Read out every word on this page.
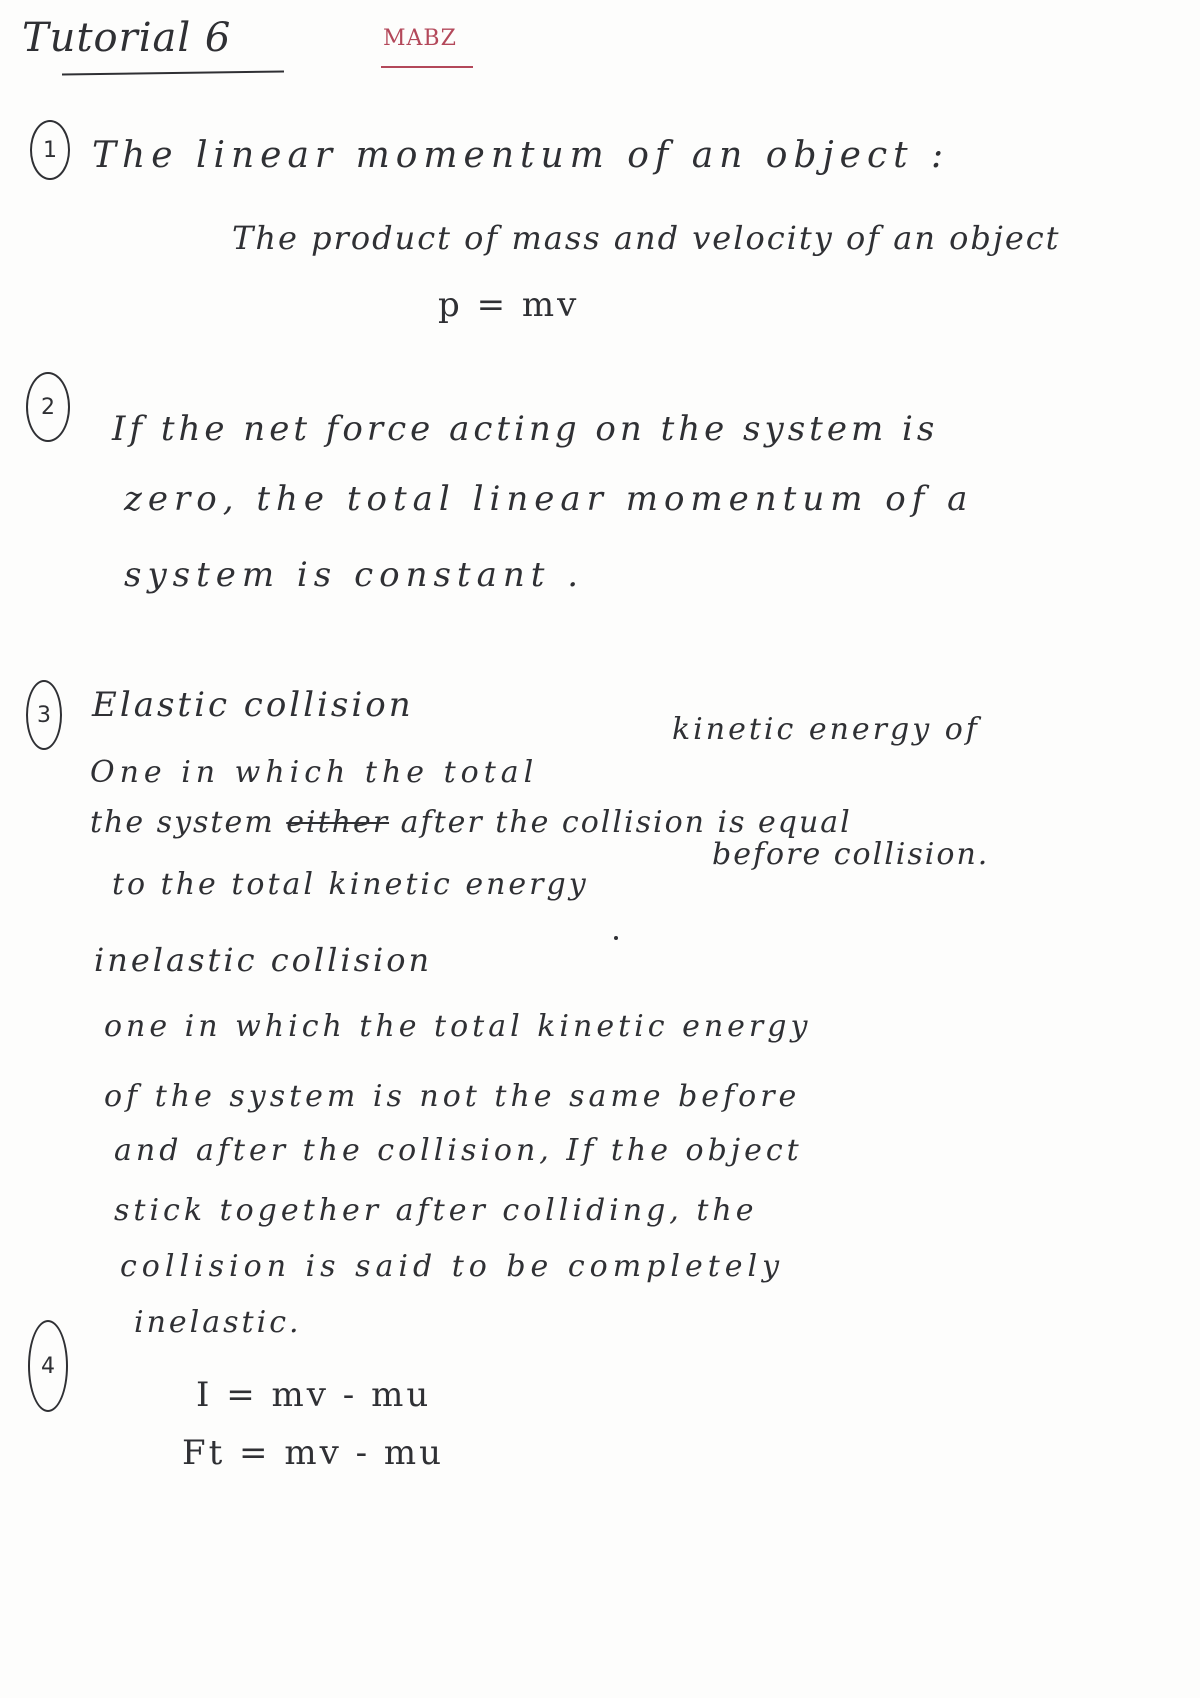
Tutorial 6	MABZ
1 The linear momentum of an object :
The product of mass and velocity of an object
p = mv
2
If the net force acting on the system is
zero, the total linear momentum of a
system is constant .
3	Elastic collision
kinetic energy of
One in which the total
the system either after the collision is equal
before collision.
to the total kinetic energy
inelastic collision
one in which the total kinetic energy
of the system is not the same before
and after the collision, If the object
stick together after colliding, the
collision is said to be completely
inelastic.
4
I = mv - mu
Ft = mv - mu
